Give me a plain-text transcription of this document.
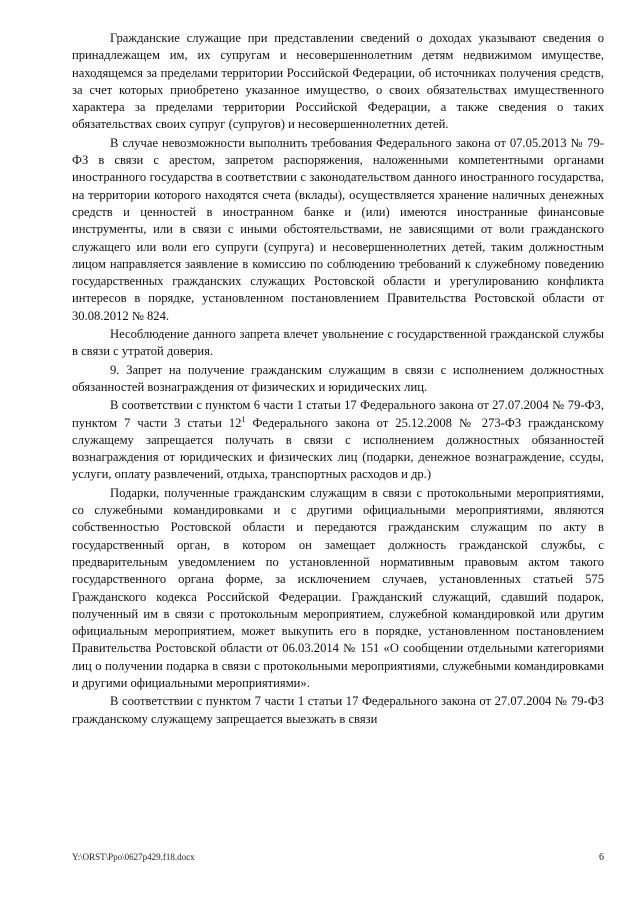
Гражданские служащие при представлении сведений о доходах указывают сведения о принадлежащем им, их супругам и несовершеннолетним детям недвижимом имуществе, находящемся за пределами территории Российской Федерации, об источниках получения средств, за счет которых приобретено указанное имущество, о своих обязательствах имущественного характера за пределами территории Российской Федерации, а также сведения о таких обязательствах своих супруг (супругов) и несовершеннолетних детей.

В случае невозможности выполнить требования Федерального закона от 07.05.2013 № 79-ФЗ в связи с арестом, запретом распоряжения, наложенными компетентными органами иностранного государства в соответствии с законодательством данного иностранного государства, на территории которого находятся счета (вклады), осуществляется хранение наличных денежных средств и ценностей в иностранном банке и (или) имеются иностранные финансовые инструменты, или в связи с иными обстоятельствами, не зависящими от воли гражданского служащего или воли его супруги (супруга) и несовершеннолетних детей, таким должностным лицом направляется заявление в комиссию по соблюдению требований к служебному поведению государственных гражданских служащих Ростовской области и урегулированию конфликта интересов в порядке, установленном постановлением Правительства Ростовской области от 30.08.2012 № 824.

Несоблюдение данного запрета влечет увольнение с государственной гражданской службы в связи с утратой доверия.

9. Запрет на получение гражданским служащим в связи с исполнением должностных обязанностей вознаграждения от физических и юридических лиц.

В соответствии с пунктом 6 части 1 статьи 17 Федерального закона от 27.07.2004 № 79-ФЗ, пунктом 7 части 3 статьи $12^1$ Федерального закона от 25.12.2008 № 273-ФЗ гражданскому служащему запрещается получать в связи с исполнением должностных обязанностей вознаграждения от юридических и физических лиц (подарки, денежное вознаграждение, ссуды, услуги, оплату развлечений, отдыха, транспортных расходов и др.)

Подарки, полученные гражданским служащим в связи с протокольными мероприятиями, со служебными командировками и с другими официальными мероприятиями, являются собственностью Ростовской области и передаются гражданским служащим по акту в государственный орган, в котором он замещает должность гражданской службы, с предварительным уведомлением по установленной нормативным правовым актом такого государственного органа форме, за исключением случаев, установленных статьей 575 Гражданского кодекса Российской Федерации. Гражданский служащий, сдавший подарок, полученный им в связи с протокольным мероприятием, служебной командировкой или другим официальным мероприятием, может выкупить его в порядке, установленном постановлением Правительства Ростовской области от 06.03.2014 № 151 «О сообщении отдельными категориями лиц о получении подарка в связи с протокольными мероприятиями, служебными командировками и другими официальными мероприятиями».

В соответствии с пунктом 7 части 1 статьи 17 Федерального закона от 27.07.2004 № 79-ФЗ гражданскому служащему запрещается выезжать в связи

Y:\ORST\Ppo\0627p429.f18.docx	6
